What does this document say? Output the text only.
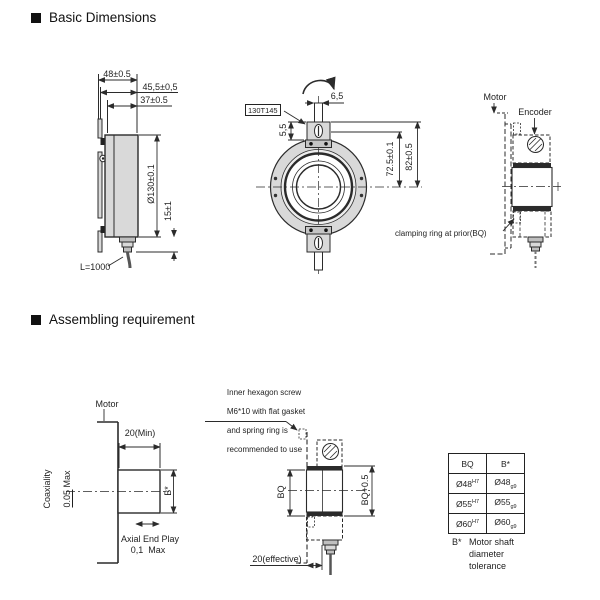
Basic Dimensions
Assembling requirement
48±0.5
45,5±0,5
37±0.5
Ø130±0.1
15±1
L=1000
130T145
6,5
5,5
72.5±0.1 82±0.5
Motor
Encoder
clamping ring at prior(BQ)
Motor
20(Min)

Coaxiality 0.05 Max

B*
Axial End Play
0,1  Max

Inner hexagon screw

M6*10 with flat gasket

and spring ring is

recommended to use

20(effective)
BQ	BQ+0.5
BQ	B*
$Ø48^{H7}$	$Ø48_{g9}$
$Ø55^{H7}$	$Ø55_{g9}$
$Ø60^{H7}$	$Ø60_{g9}$

B*

Motor shaft

diameter

tolerance
